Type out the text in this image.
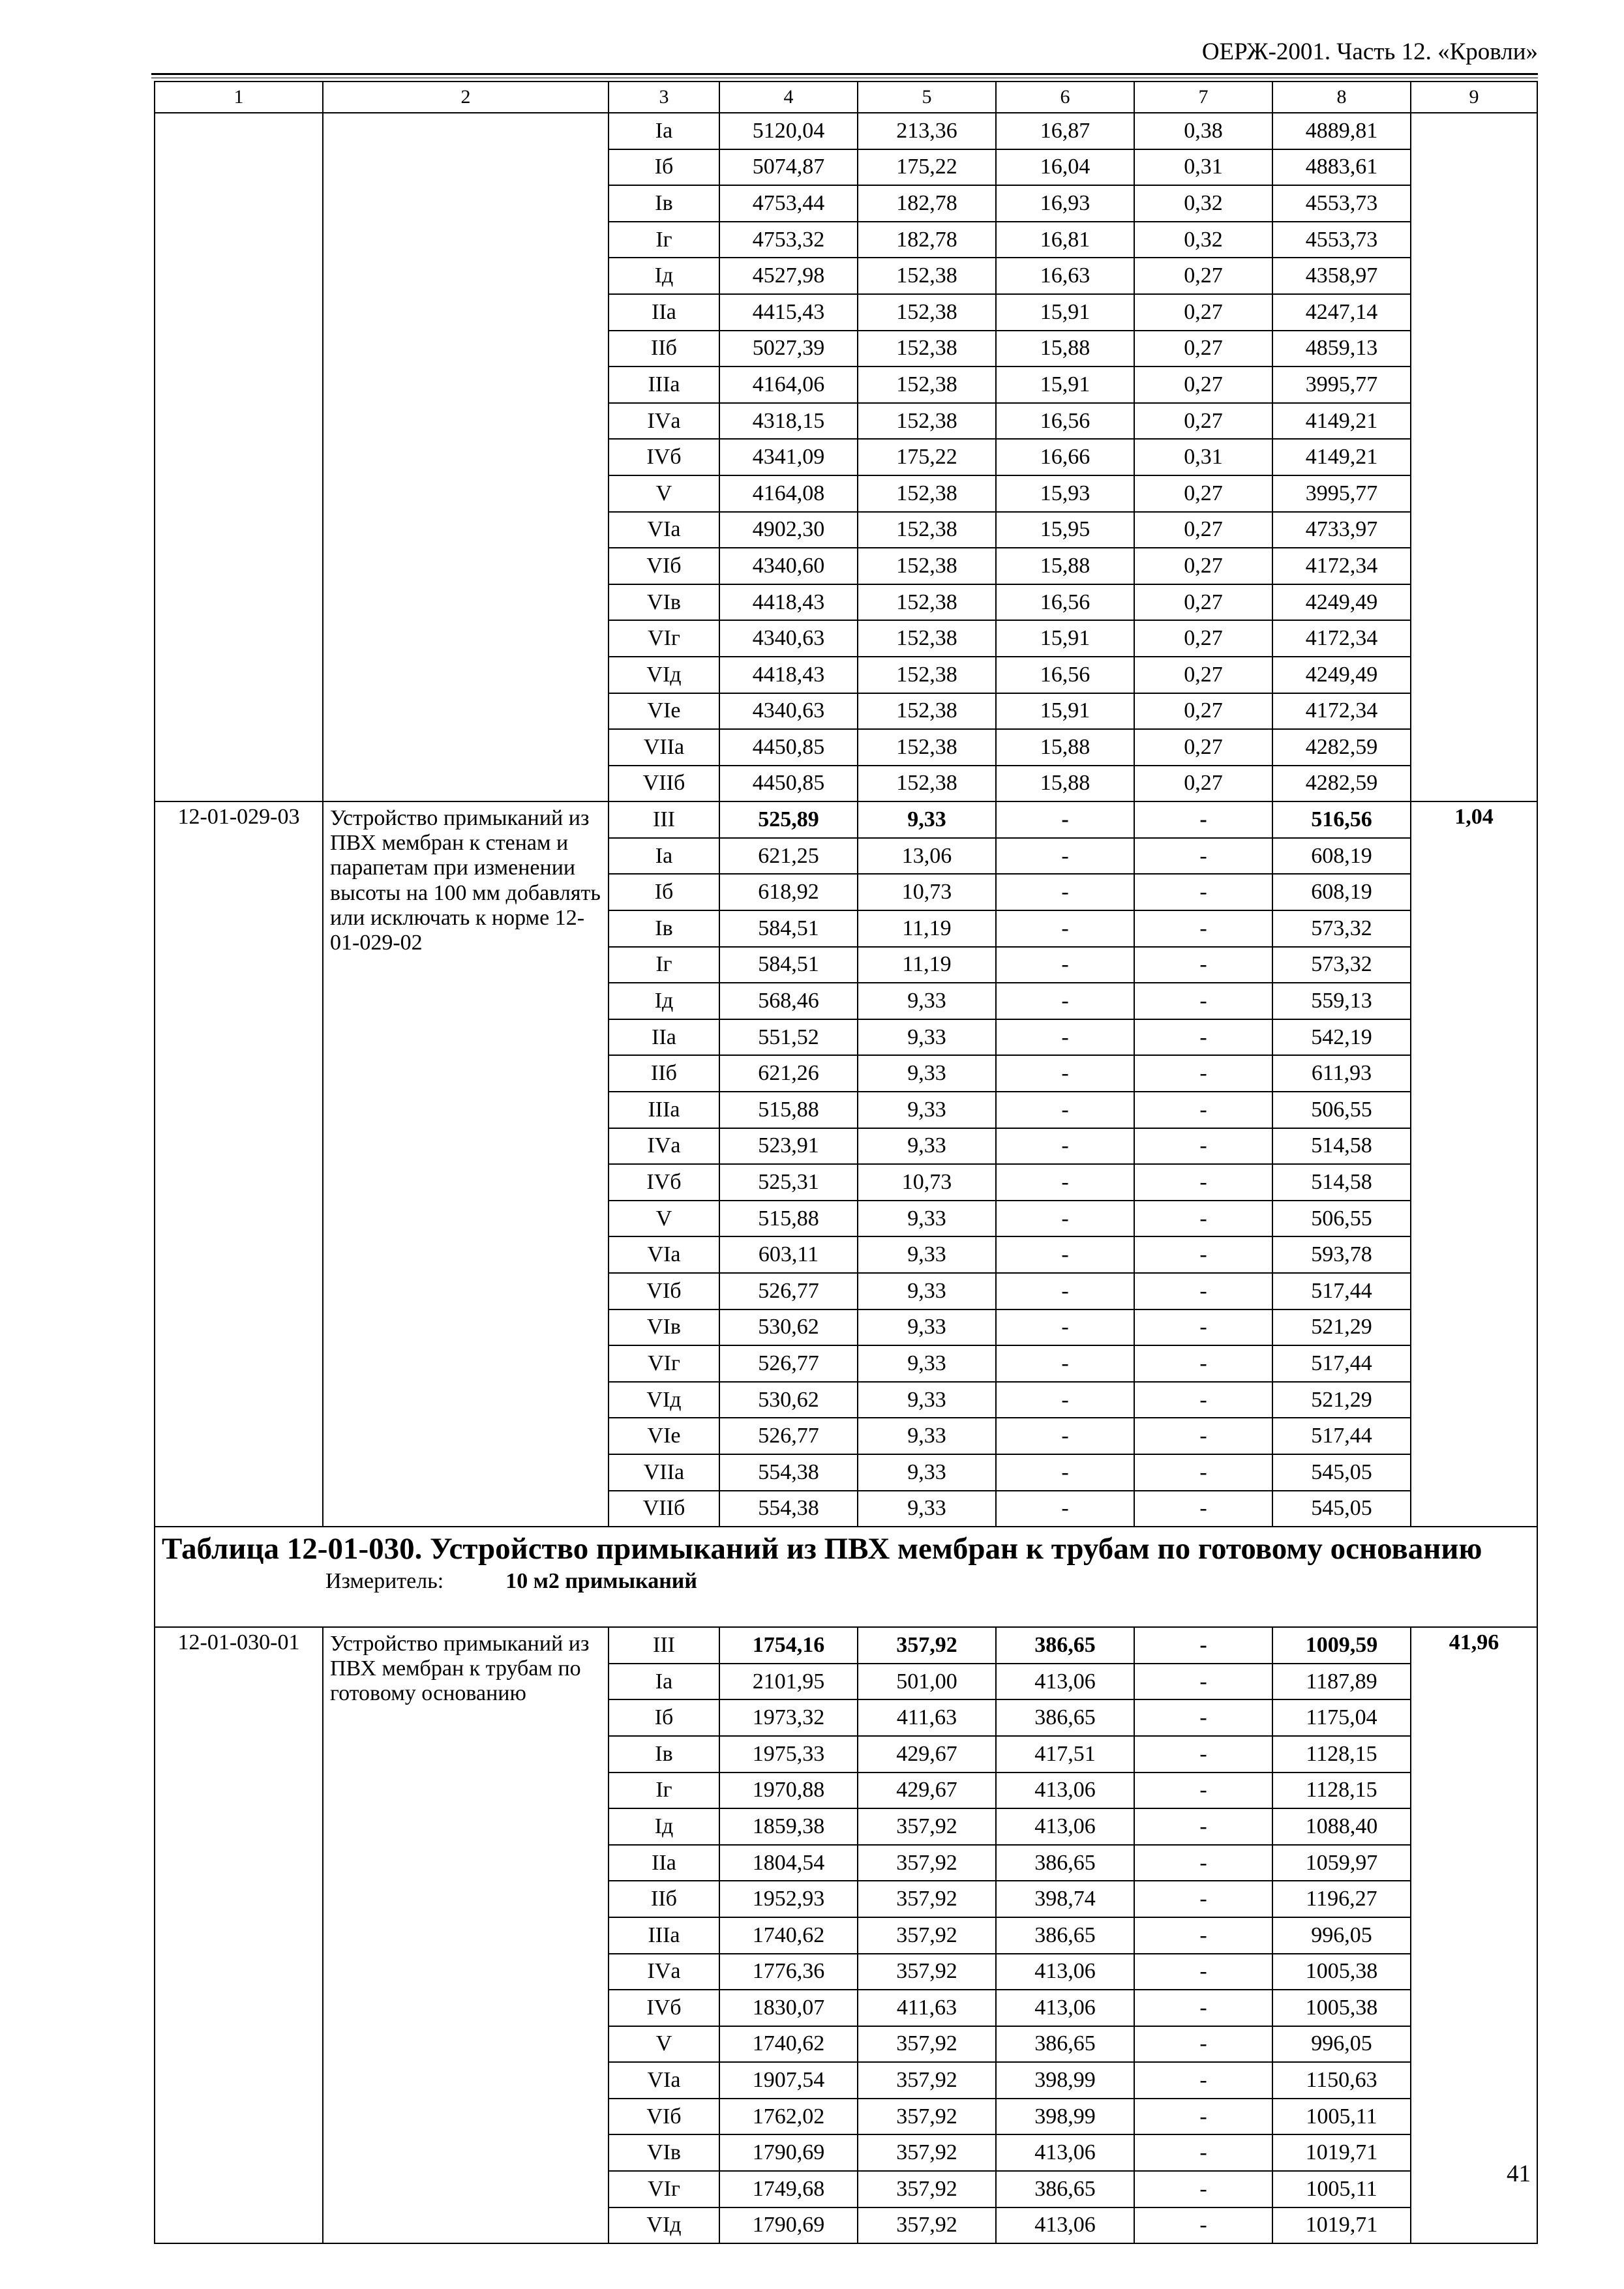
ОЕРЖ-2001. Часть 12. «Кровли»
1	2	3	4	5	6	7	8	9
		Iа	5120,04	213,36	16,87	0,38	4889,81	
		Iб	5074,87	175,22	16,04	0,31	4883,61	
		Iв	4753,44	182,78	16,93	0,32	4553,73	
		Iг	4753,32	182,78	16,81	0,32	4553,73	
		Iд	4527,98	152,38	16,63	0,27	4358,97	
		IIа	4415,43	152,38	15,91	0,27	4247,14	
		IIб	5027,39	152,38	15,88	0,27	4859,13	
		IIIа	4164,06	152,38	15,91	0,27	3995,77	
		IVа	4318,15	152,38	16,56	0,27	4149,21	
		IVб	4341,09	175,22	16,66	0,31	4149,21	
		V	4164,08	152,38	15,93	0,27	3995,77	
		VIа	4902,30	152,38	15,95	0,27	4733,97	
		VIб	4340,60	152,38	15,88	0,27	4172,34	
		VIв	4418,43	152,38	16,56	0,27	4249,49	
		VIг	4340,63	152,38	15,91	0,27	4172,34	
		VIд	4418,43	152,38	16,56	0,27	4249,49	
		VIе	4340,63	152,38	15,91	0,27	4172,34	
		VIIа	4450,85	152,38	15,88	0,27	4282,59	
		VIIб	4450,85	152,38	15,88	0,27	4282,59	
12-01-029-03	Устройство примыканий из ПВХ мембран к стенам и парапетам при изменении высоты на 100 мм добавлять или исключать к норме 12-01-029-02	III	525,89	9,33	-	-	516,56	1,04
		Iа	621,25	13,06	-	-	608,19	
		Iб	618,92	10,73	-	-	608,19	
		Iв	584,51	11,19	-	-	573,32	
		Iг	584,51	11,19	-	-	573,32	
		Iд	568,46	9,33	-	-	559,13	
		IIа	551,52	9,33	-	-	542,19	
		IIб	621,26	9,33	-	-	611,93	
		IIIа	515,88	9,33	-	-	506,55	
		IVа	523,91	9,33	-	-	514,58	
		IVб	525,31	10,73	-	-	514,58	
		V	515,88	9,33	-	-	506,55	
		VIа	603,11	9,33	-	-	593,78	
		VIб	526,77	9,33	-	-	517,44	
		VIв	530,62	9,33	-	-	521,29	
		VIг	526,77	9,33	-	-	517,44	
		VIд	530,62	9,33	-	-	521,29	
		VIе	526,77	9,33	-	-	517,44	
		VIIа	554,38	9,33	-	-	545,05	
		VIIб	554,38	9,33	-	-	545,05	

Таблица 12-01-030. Устройство примыканий из ПВХ мембран к трубам по готовому основанию
Измеритель: 10 м2 примыканий								

12-01-030-01	Устройство примыканий из ПВХ мембран к трубам по готовому основанию	III	1754,16	357,92	386,65	-	1009,59	41,96
		Iа	2101,95	501,00	413,06	-	1187,89	
		Iб	1973,32	411,63	386,65	-	1175,04	
		Iв	1975,33	429,67	417,51	-	1128,15	
		Iг	1970,88	429,67	413,06	-	1128,15	
		Iд	1859,38	357,92	413,06	-	1088,40	
		IIа	1804,54	357,92	386,65	-	1059,97	
		IIб	1952,93	357,92	398,74	-	1196,27	
		IIIа	1740,62	357,92	386,65	-	996,05	
		IVа	1776,36	357,92	413,06	-	1005,38	
		IVб	1830,07	411,63	413,06	-	1005,38	
		V	1740,62	357,92	386,65	-	996,05	
		VIа	1907,54	357,92	398,99	-	1150,63	
		VIб	1762,02	357,92	398,99	-	1005,11	
		VIв	1790,69	357,92	413,06	-	1019,71	
		VIг	1749,68	357,92	386,65	-	1005,11	
		VIд	1790,69	357,92	413,06	-	1019,71	
41
